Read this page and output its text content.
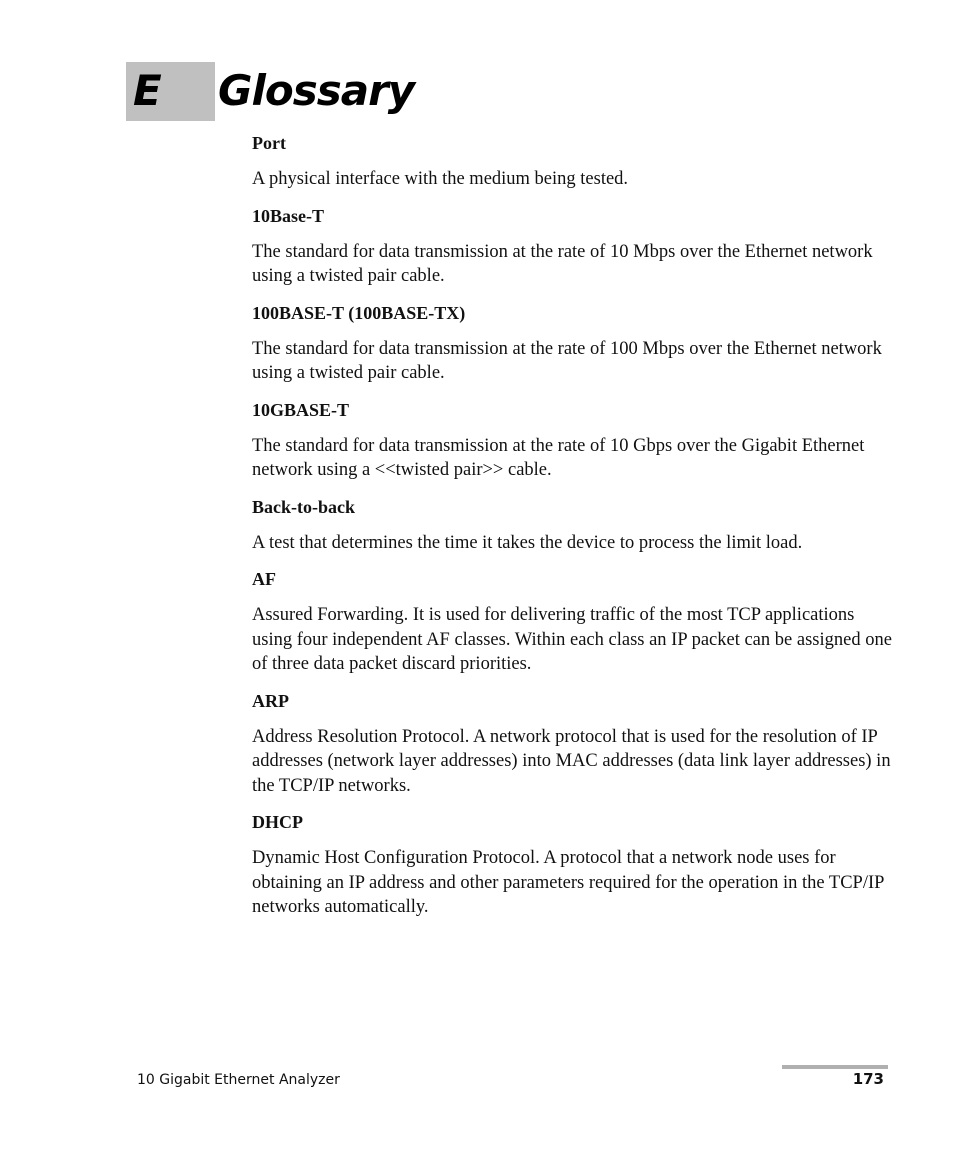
E Glossary
Port
A physical interface with the medium being tested.
10Base-T
The standard for data transmission at the rate of 10 Mbps over the Ethernet network using a twisted pair cable.
100BASE-T (100BASE-TX)
The standard for data transmission at the rate of 100 Mbps over the Ethernet network using a twisted pair cable.
10GBASE-T
The standard for data transmission at the rate of 10 Gbps over the Gigabit Ethernet network using a <<twisted pair>> cable.
Back-to-back
A test that determines the time it takes the device to process the limit load.
AF
Assured Forwarding. It is used for delivering traffic of the most TCP applications using four independent AF classes. Within each class an IP packet can be assigned one of three data packet discard priorities.
ARP
Address Resolution Protocol. A network protocol that is used for the resolution of IP addresses (network layer addresses) into MAC addresses (data link layer addresses) in the TCP/IP networks.
DHCP
Dynamic Host Configuration Protocol. A protocol that a network node uses for obtaining an IP address and other parameters required for the operation in the TCP/IP networks automatically.
10 Gigabit Ethernet Analyzer	173
